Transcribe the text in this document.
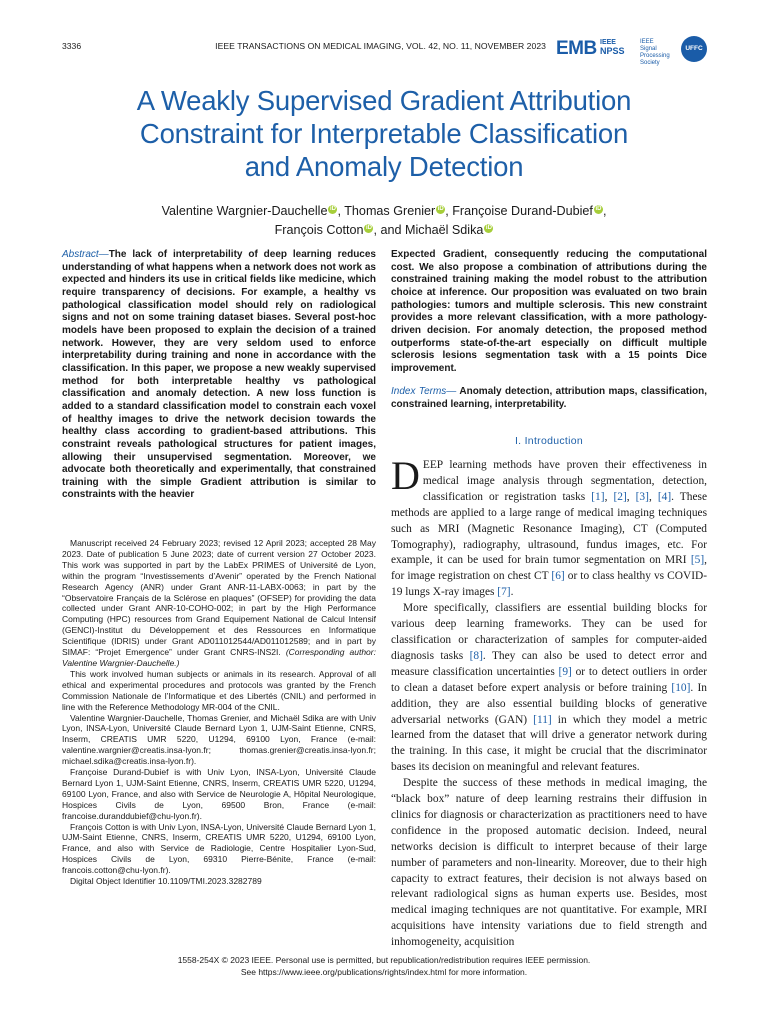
3336	IEEE TRANSACTIONS ON MEDICAL IMAGING, VOL. 42, NO. 11, NOVEMBER 2023 EMB IEEE
NPSS
IEEE
Signal
Processing
Society
UFFC
A Weakly Supervised Gradient Attribution
Constraint for Interpretable Classification
and Anomaly Detection
Valentine Wargnier-Dauchelle iD , Thomas Grenier iD , Françoise Durand-Dubief iD ,
François Cotton iD , and Michaël Sdika iD
Abstract—The lack of interpretability of deep learning reduces understanding of what happens when a network does not work as expected and hinders its use in critical fields like medicine, which require transparency of decisions. For example, a healthy vs pathological classification model should rely on radiological signs and not on some training dataset biases. Several post-hoc models have been proposed to explain the decision of a trained network. However, they are very seldom used to enforce interpretability during training and none in accordance with the classification. In this paper, we propose a new weakly supervised method for both interpretable healthy vs pathological classification and anomaly detection. A new loss function is added to a standard classification model to constrain each voxel of healthy images to drive the network decision towards the healthy class according to gradient-based attributions. This constraint reveals pathological structures for patient images, allowing their unsupervised segmentation. Moreover, we advocate both theoretically and experimentally, that constrained training with the simple Gradient attribution is similar to constraints with the heavier
Expected Gradient, consequently reducing the computational cost. We also propose a combination of attributions during the constrained training making the model robust to the attribution choice at inference. Our proposition was evaluated on two brain pathologies: tumors and multiple sclerosis. This new constraint provides a more relevant classification, with a more pathology-driven decision. For anomaly detection, the proposed method outperforms state-of-the-art especially on difficult multiple sclerosis lesions segmentation task with a 15 points Dice improvement.
Index Terms— Anomaly detection, attribution maps, classification, constrained learning, interpretability.
I. Introduction

DEEP learning methods have proven their effectiveness in medical image analysis through segmentation, detection, classification or registration tasks [1], [2], [3], [4]. These methods are applied to a large range of medical imaging techniques such as MRI (Magnetic Resonance Imaging), CT (Computed Tomography), radiography, ultrasound, fundus images, etc. For example, it can be used for brain tumor segmentation on MRI [5], for image registration on chest CT [6] or to class healthy vs COVID-19 lungs X-ray images [7].

More specifically, classifiers are essential building blocks for various deep learning frameworks. They can be used for classification or characterization of samples for computer-aided diagnosis tasks [8]. They can also be used to detect error and measure classification uncertainties [9] or to detect outliers in order to clean a dataset before expert analysis or before training [10]. In addition, they are also essential building blocks of generative adversarial networks (GAN) [11] in which they model a metric learned from the dataset that will drive a generator network during the training. In this case, it might be crucial that the discriminator bases its decision on meaningful and relevant features.

Despite the success of these methods in medical imaging, the “black box” nature of deep learning restrains their diffusion in clinics for diagnosis or characterization as practitioners need to have confidence in the proposed automatic decision. Indeed, neural networks decision is difficult to interpret because of their large number of parameters and non-linearity. Moreover, due to their high capacity to extract features, their decision is not always based on relevant radiological signs as human experts use. Besides, most medical imaging techniques are not quantitative. For example, MRI acquisitions have intensity variations due to field strength and inhomogeneity, acquisition

Manuscript received 24 February 2023; revised 12 April 2023; accepted 28 May 2023. Date of publication 5 June 2023; date of current version 27 October 2023. This work was supported in part by the LabEx PRIMES of Université de Lyon, within the program “Investissements d’Avenir” operated by the French National Research Agency (ANR) under Grant ANR-11-LABX-0063; in part by the “Observatoire Français de la Sclérose en plaques” (OFSEP) for providing the data collected under Grant ANR-10-COHO-002; in part by the High Performance Computing (HPC) resources from Grand Equipement National de Calcul Intensif (GENCI)-Institut du Développement et des Ressources en Informatique Scientifique (IDRIS) under Grant AD011012544/AD011012589; and in part by SIMAF: “Projet Emergence” under Grant CNRS-INS2I. (Corresponding author: Valentine Wargnier-Dauchelle.)

This work involved human subjects or animals in its research. Approval of all ethical and experimental procedures and protocols was granted by the French Commission Nationale de l’Informatique et des Libertés (CNIL) and performed in line with the Reference Methodology MR-004 of the CNIL.

Valentine Wargnier-Dauchelle, Thomas Grenier, and Michaël Sdika are with Univ Lyon, INSA-Lyon, Université Claude Bernard Lyon 1, UJM-Saint Etienne, CNRS, Inserm, CREATIS UMR 5220, U1294, 69100 Lyon, France (e-mail: valentine.wargnier@creatis.insa-lyon.fr; thomas.grenier@creatis.insa-lyon.fr; michael.sdika@creatis.insa-lyon.fr).

Françoise Durand-Dubief is with Univ Lyon, INSA-Lyon, Université Claude Bernard Lyon 1, UJM-Saint Etienne, CNRS, Inserm, CREATIS UMR 5220, U1294, 69100 Lyon, France, and also with Service de Neurologie A, Hôpital Neurologique, Hospices Civils de Lyon, 69500 Bron, France (e-mail: francoise.duranddubief@chu-lyon.fr).

François Cotton is with Univ Lyon, INSA-Lyon, Université Claude Bernard Lyon 1, UJM-Saint Etienne, CNRS, Inserm, CREATIS UMR 5220, U1294, 69100 Lyon, France, and also with Service de Radiologie, Centre Hospitalier Lyon-Sud, Hospices Civils de Lyon, 69310 Pierre-Bénite, France (e-mail: francois.cotton@chu-lyon.fr).

Digital Object Identifier 10.1109/TMI.2023.3282789

1558-254X © 2023 IEEE. Personal use is permitted, but republication/redistribution requires IEEE permission.
See https://www.ieee.org/publications/rights/index.html for more information.
